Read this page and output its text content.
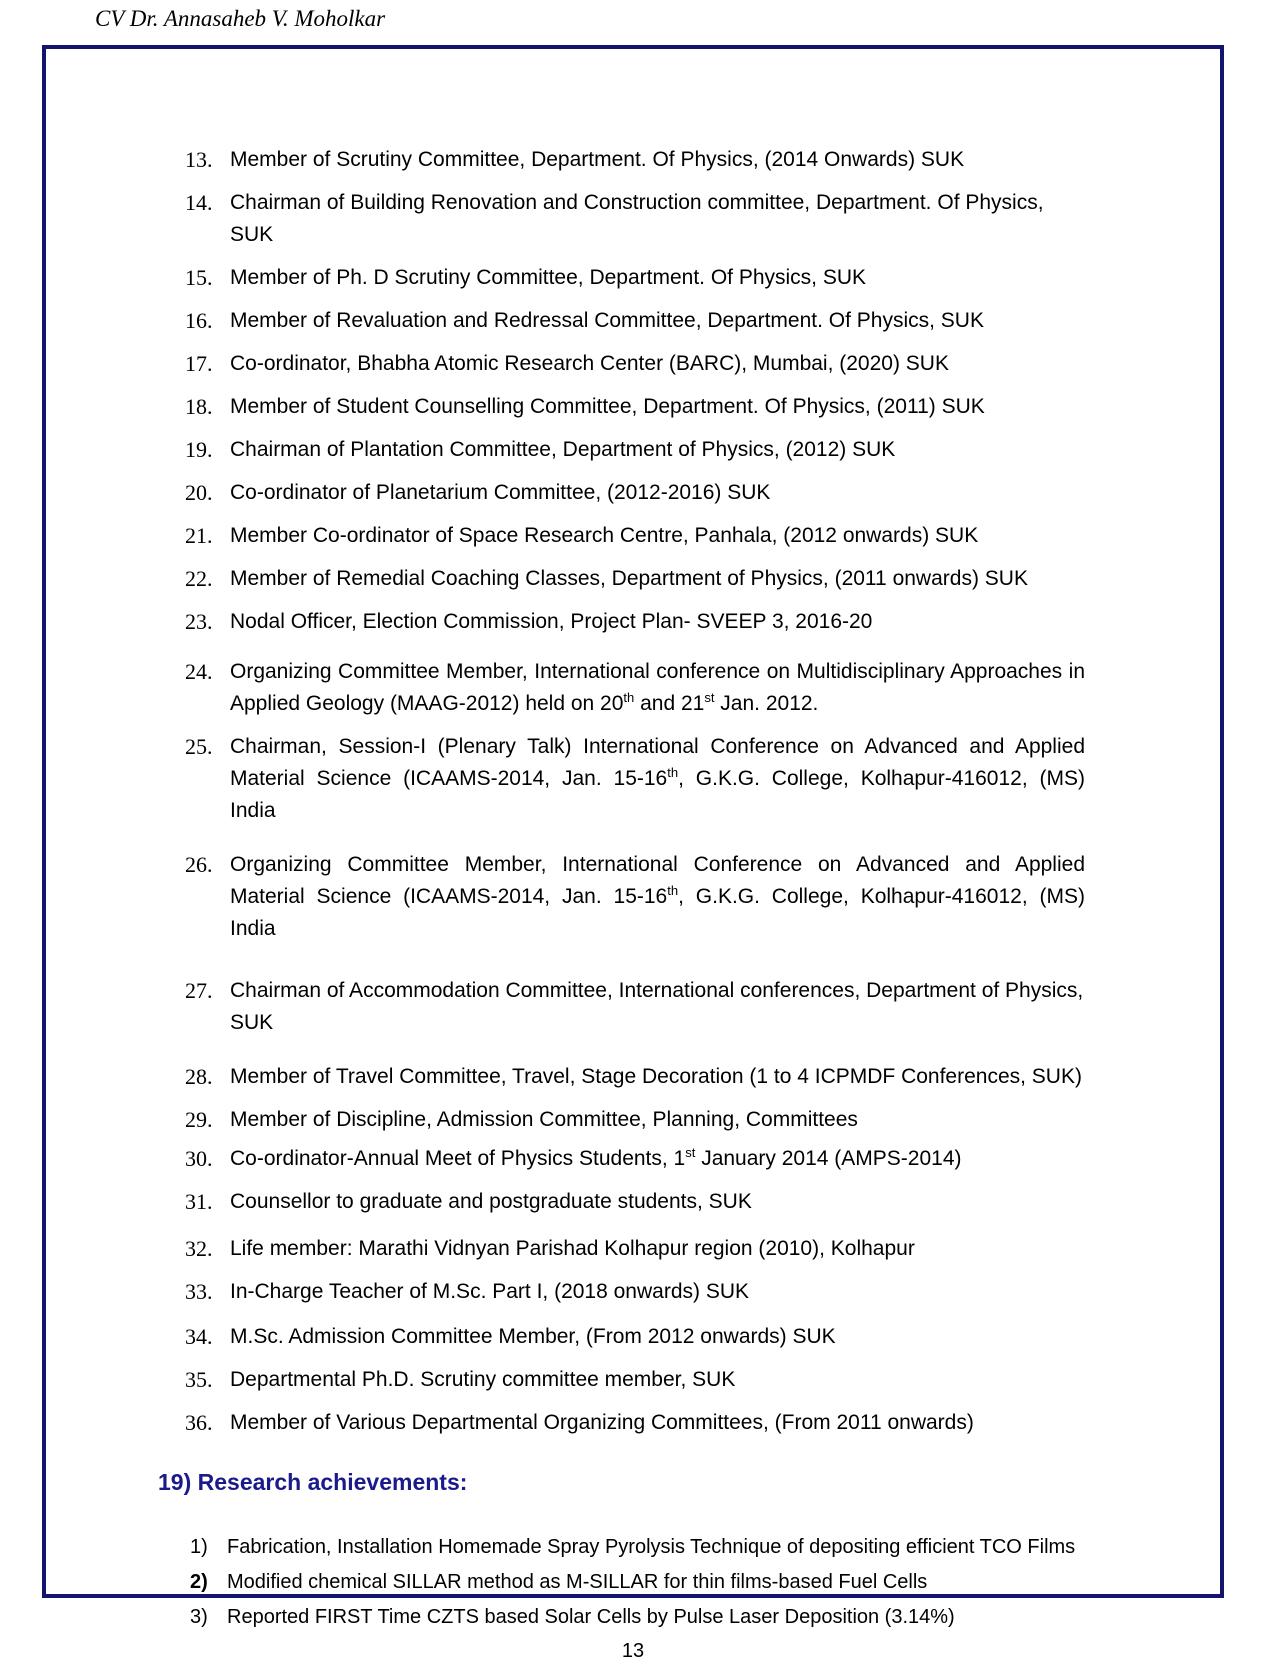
CV Dr. Annasaheb V. Moholkar
13. Member of Scrutiny Committee, Department. Of Physics, (2014 Onwards) SUK
14. Chairman of Building Renovation and Construction committee, Department. Of Physics, SUK
15. Member of Ph. D Scrutiny Committee, Department. Of Physics, SUK
16. Member of Revaluation and Redressal Committee, Department. Of Physics, SUK
17. Co-ordinator, Bhabha Atomic Research Center (BARC), Mumbai, (2020) SUK
18. Member of Student Counselling Committee, Department. Of Physics, (2011) SUK
19. Chairman of Plantation Committee, Department of Physics, (2012) SUK
20. Co-ordinator of Planetarium Committee, (2012-2016) SUK
21. Member Co-ordinator of Space Research Centre, Panhala, (2012 onwards) SUK
22. Member of Remedial Coaching Classes, Department of Physics, (2011 onwards) SUK
23. Nodal Officer, Election Commission, Project Plan- SVEEP 3, 2016-20
24. Organizing Committee Member, International conference on Multidisciplinary Approaches in Applied Geology (MAAG-2012) held on 20th and 21st Jan. 2012.
25. Chairman, Session-I (Plenary Talk) International Conference on Advanced and Applied Material Science (ICAAMS-2014, Jan. 15-16th, G.K.G. College, Kolhapur-416012, (MS) India
26. Organizing Committee Member, International Conference on Advanced and Applied Material Science (ICAAMS-2014, Jan. 15-16th, G.K.G. College, Kolhapur-416012, (MS) India
27. Chairman of Accommodation Committee, International conferences, Department of Physics, SUK
28. Member of Travel Committee, Travel, Stage Decoration (1 to 4 ICPMDF Conferences, SUK)
29. Member of Discipline, Admission Committee, Planning, Committees
30. Co-ordinator-Annual Meet of Physics Students, 1st January 2014 (AMPS-2014)
31. Counsellor to graduate and postgraduate students, SUK
32. Life member: Marathi Vidnyan Parishad Kolhapur region (2010), Kolhapur
33. In-Charge Teacher of M.Sc. Part I, (2018 onwards) SUK
34. M.Sc. Admission Committee Member, (From 2012 onwards) SUK
35. Departmental Ph.D. Scrutiny committee member, SUK
36. Member of Various Departmental Organizing Committees, (From 2011 onwards)
19) Research achievements:
1) Fabrication, Installation Homemade Spray Pyrolysis Technique of depositing efficient TCO Films
2) Modified chemical SILLAR method as M-SILLAR for thin films-based Fuel Cells
3) Reported FIRST Time CZTS based Solar Cells by Pulse Laser Deposition (3.14%)
13
